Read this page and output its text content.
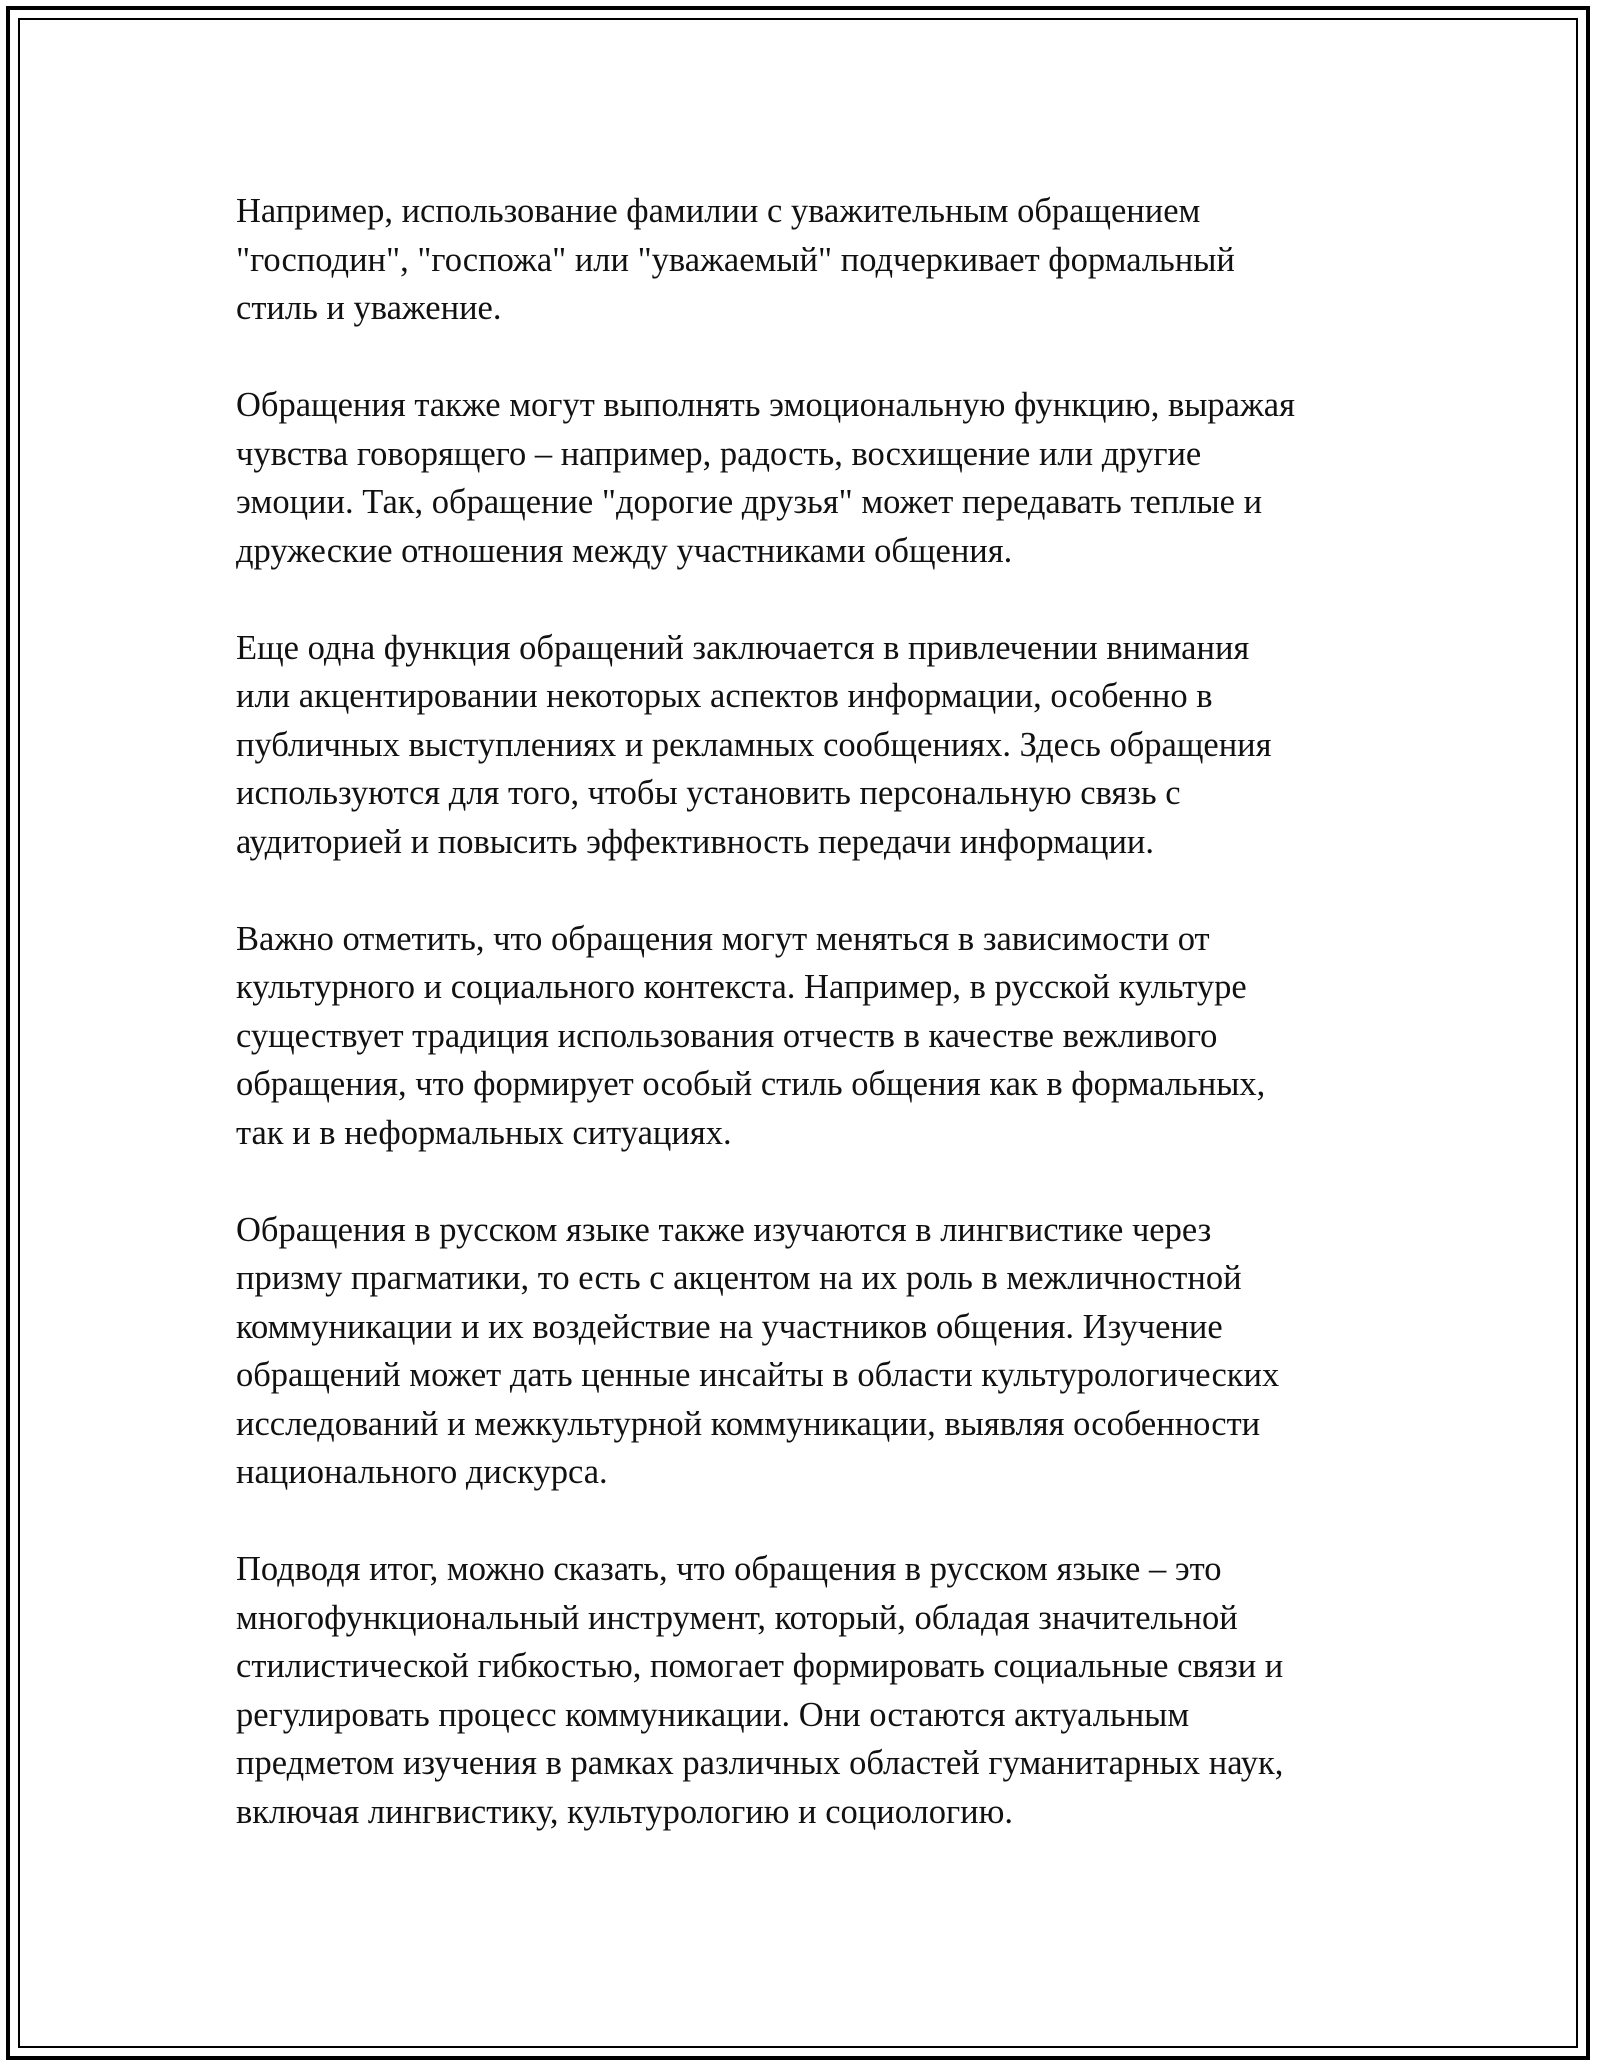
Например, использование фамилии с уважительным обращением
"господин", "госпожа" или "уважаемый" подчеркивает формальный
стиль и уважение.

Обращения также могут выполнять эмоциональную функцию, выражая
чувства говорящего – например, радость, восхищение или другие
эмоции. Так, обращение "дорогие друзья" может передавать теплые и
дружеские отношения между участниками общения.

Еще одна функция обращений заключается в привлечении внимания
или акцентировании некоторых аспектов информации, особенно в
публичных выступлениях и рекламных сообщениях. Здесь обращения
используются для того, чтобы установить персональную связь с
аудиторией и повысить эффективность передачи информации.

Важно отметить, что обращения могут меняться в зависимости от
культурного и социального контекста. Например, в русской культуре
существует традиция использования отчеств в качестве вежливого
обращения, что формирует особый стиль общения как в формальных,
так и в неформальных ситуациях.

Обращения в русском языке также изучаются в лингвистике через
призму прагматики, то есть с акцентом на их роль в межличностной
коммуникации и их воздействие на участников общения. Изучение
обращений может дать ценные инсайты в области культурологических
исследований и межкультурной коммуникации, выявляя особенности
национального дискурса.

Подводя итог, можно сказать, что обращения в русском языке – это
многофункциональный инструмент, который, обладая значительной
стилистической гибкостью, помогает формировать социальные связи и
регулировать процесс коммуникации. Они остаются актуальным
предметом изучения в рамках различных областей гуманитарных наук,
включая лингвистику, культурологию и социологию.
